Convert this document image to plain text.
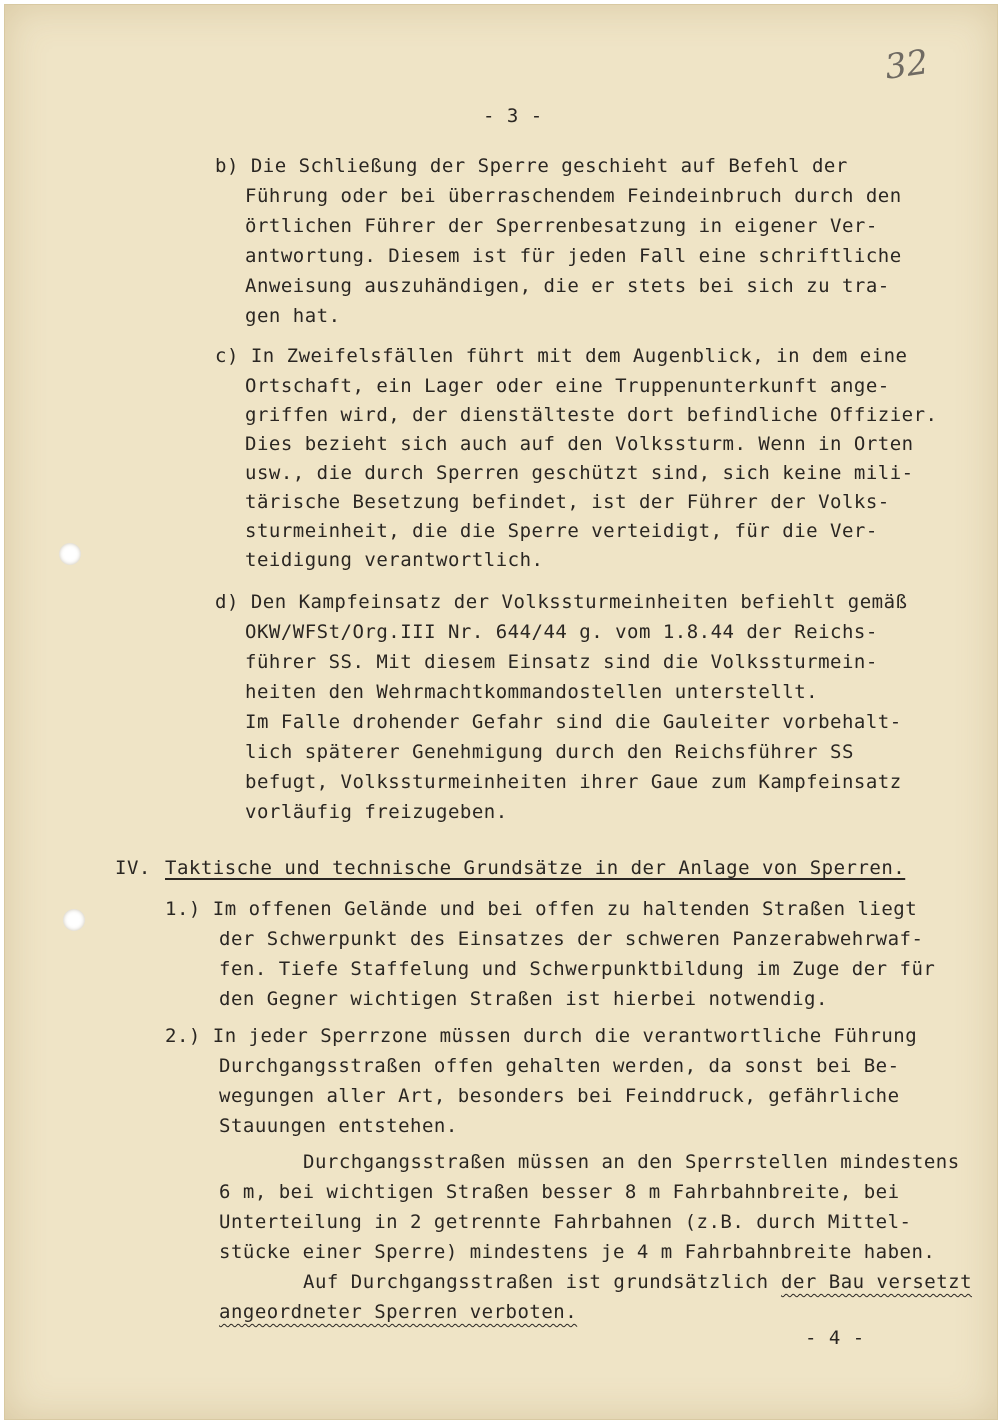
32
- 3 -
b) Die Schließung der Sperre geschieht auf Befehl der
Führung oder bei überraschendem Feindeinbruch durch den
örtlichen Führer der Sperrenbesatzung in eigener Ver-
antwortung. Diesem ist für jeden Fall eine schriftliche
Anweisung auszuhändigen, die er stets bei sich zu tra-
gen hat.
c) In Zweifelsfällen führt mit dem Augenblick, in dem eine
Ortschaft, ein Lager oder eine Truppenunterkunft ange-
griffen wird, der dienstälteste dort befindliche Offizier.
Dies bezieht sich auch auf den Volkssturm. Wenn in Orten
usw., die durch Sperren geschützt sind, sich keine mili-
tärische Besetzung befindet, ist der Führer der Volks-
sturmeinheit, die die Sperre verteidigt, für die Ver-
teidigung verantwortlich.
d) Den Kampfeinsatz der Volkssturmeinheiten befiehlt gemäß
OKW/WFSt/Org.III Nr. 644/44 g. vom 1.8.44 der Reichs-
führer SS. Mit diesem Einsatz sind die Volkssturmein-
heiten den Wehrmachtkommandostellen unterstellt.
Im Falle drohender Gefahr sind die Gauleiter vorbehalt-
lich späterer Genehmigung durch den Reichsführer SS
befugt, Volkssturmeinheiten ihrer Gaue zum Kampfeinsatz
vorläufig freizugeben.
IV. Taktische und technische Grundsätze in der Anlage von Sperren.
1.) Im offenen Gelände und bei offen zu haltenden Straßen liegt
der Schwerpunkt des Einsatzes der schweren Panzerabwehrwaf-
fen. Tiefe Staffelung und Schwerpunktbildung im Zuge der für
den Gegner wichtigen Straßen ist hierbei notwendig.
2.) In jeder Sperrzone müssen durch die verantwortliche Führung
Durchgangsstraßen offen gehalten werden, da sonst bei Be-
wegungen aller Art, besonders bei Feinddruck, gefährliche
Stauungen entstehen.
Durchgangsstraßen müssen an den Sperrstellen mindestens
6 m, bei wichtigen Straßen besser 8 m Fahrbahnbreite, bei
Unterteilung in 2 getrennte Fahrbahnen (z.B. durch Mittel-
stücke einer Sperre) mindestens je 4 m Fahrbahnbreite haben.
Auf Durchgangsstraßen ist grundsätzlich der Bau versetzt
angeordneter Sperren verboten.
- 4 -
